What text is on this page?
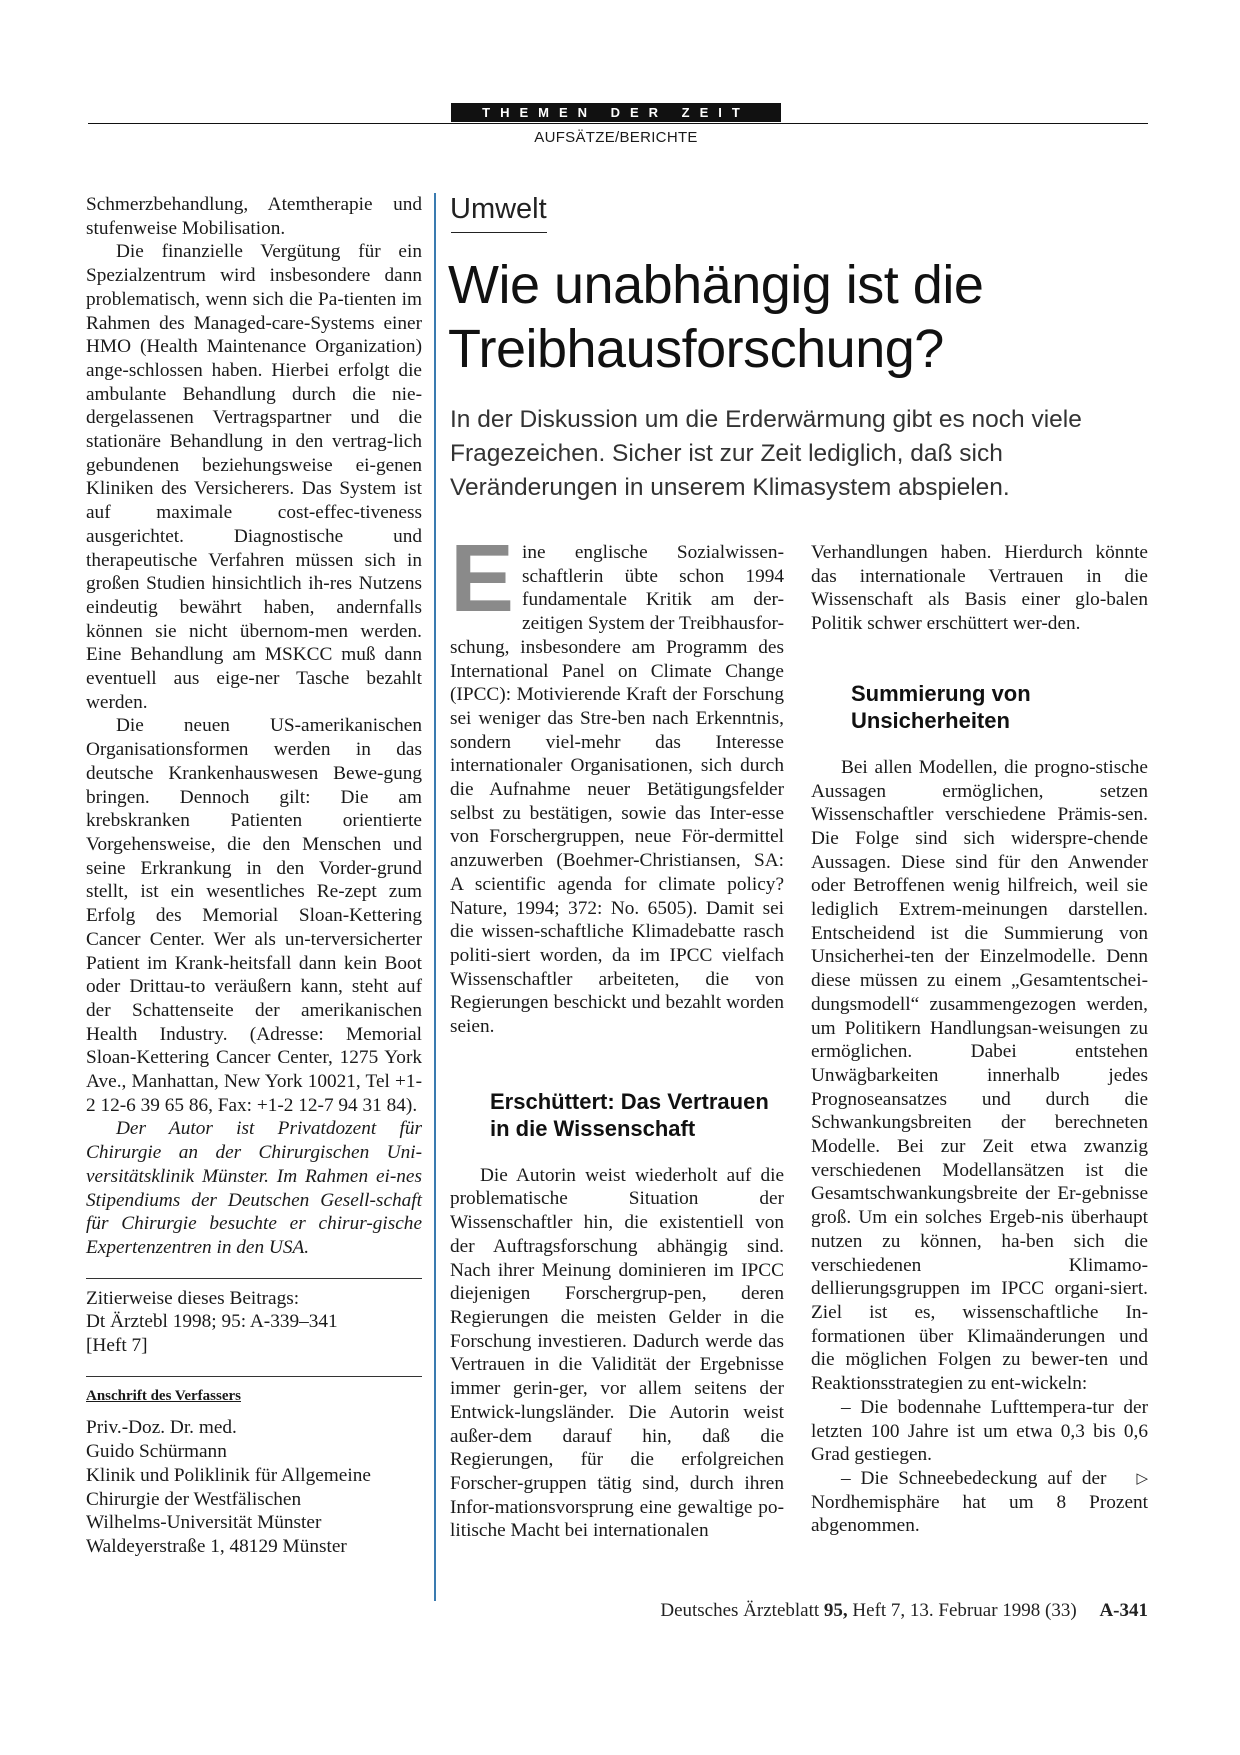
THEMEN DER ZEIT
AUFSÄTZE/BERICHTE

Schmerzbehandlung, Atemtherapie und stufenweise Mobilisation.

Die finanzielle Vergütung für ein Spezialzentrum wird insbesondere dann problematisch, wenn sich die Pa-tienten im Rahmen des Managed-care-Systems einer HMO (Health Maintenance Organization) ange-schlossen haben. Hierbei erfolgt die ambulante Behandlung durch die nie-dergelassenen Vertragspartner und die stationäre Behandlung in den vertrag-lich gebundenen beziehungsweise ei-genen Kliniken des Versicherers. Das System ist auf maximale cost-effec-tiveness ausgerichtet. Diagnostische und therapeutische Verfahren müssen sich in großen Studien hinsichtlich ih-res Nutzens eindeutig bewährt haben, andernfalls können sie nicht übernom-men werden. Eine Behandlung am MSKCC muß dann eventuell aus eige-ner Tasche bezahlt werden.

Die neuen US-amerikanischen Organisationsformen werden in das deutsche Krankenhauswesen Bewe-gung bringen. Dennoch gilt: Die am krebskranken Patienten orientierte Vorgehensweise, die den Menschen und seine Erkrankung in den Vorder-grund stellt, ist ein wesentliches Re-zept zum Erfolg des Memorial Sloan-Kettering Cancer Center. Wer als un-terversicherter Patient im Krank-heitsfall dann kein Boot oder Drittau-to veräußern kann, steht auf der Schattenseite der amerikanischen Health Industry. (Adresse: Memorial Sloan-Kettering Cancer Center, 1275 York Ave., Manhattan, New York 10021, Tel +1-2 12-6 39 65 86, Fax: +1-2 12-7 94 31 84).

Der Autor ist Privatdozent für Chirurgie an der Chirurgischen Uni-versitätsklinik Münster. Im Rahmen ei-nes Stipendiums der Deutschen Gesell-schaft für Chirurgie besuchte er chirur-gische Expertenzentren in den USA.

Zitierweise dieses Beitrags:
Dt Ärztebl 1998; 95: A-339–341
[Heft 7]
Anschrift des Verfassers
Priv.-Doz. Dr. med.
Guido Schürmann
Klinik und Poliklinik für Allgemeine
Chirurgie der Westfälischen
Wilhelms-Universität Münster
Waldeyerstraße 1, 48129 Münster
Umwelt
Wie unabhängig ist die Treibhausforschung?
In der Diskussion um die Erderwärmung gibt es noch viele Fragezeichen. Sicher ist zur Zeit lediglich, daß sich Veränderungen in unserem Klimasystem abspielen.

Eine englische Sozialwissen-schaftlerin übte schon 1994 fundamentale Kritik am der-zeitigen System der Treibhausfor-schung, insbesondere am Programm des International Panel on Climate Change (IPCC): Motivierende Kraft der Forschung sei weniger das Stre-ben nach Erkenntnis, sondern viel-mehr das Interesse internationaler Organisationen, sich durch die Aufnahme neuer Betätigungsfelder selbst zu bestätigen, sowie das Inter-esse von Forschergruppen, neue För-dermittel anzuwerben (Boehmer-Christiansen, SA: A scientific agenda for climate policy? Nature, 1994; 372: No. 6505). Damit sei die wissen-schaftliche Klimadebatte rasch politi-siert worden, da im IPCC vielfach Wissenschaftler arbeiteten, die von Regierungen beschickt und bezahlt worden seien.

Erschüttert: Das Vertrauen in die Wissenschaft

Die Autorin weist wiederholt auf die problematische Situation der Wissenschaftler hin, die existentiell von der Auftragsforschung abhängig sind. Nach ihrer Meinung dominieren im IPCC diejenigen Forschergrup-pen, deren Regierungen die meisten Gelder in die Forschung investieren. Dadurch werde das Vertrauen in die Validität der Ergebnisse immer gerin-ger, vor allem seitens der Entwick-lungsländer. Die Autorin weist außer-dem darauf hin, daß die Regierungen, für die erfolgreichen Forscher-gruppen tätig sind, durch ihren Infor-mationsvorsprung eine gewaltige po-litische Macht bei internationalen

Verhandlungen haben. Hierdurch könnte das internationale Vertrauen in die Wissenschaft als Basis einer glo-balen Politik schwer erschüttert wer-den.

Summierung von Unsicherheiten

Bei allen Modellen, die progno-stische Aussagen ermöglichen, setzen Wissenschaftler verschiedene Prämis-sen. Die Folge sind sich widerspre-chende Aussagen. Diese sind für den Anwender oder Betroffenen wenig hilfreich, weil sie lediglich Extrem-meinungen darstellen. Entscheidend ist die Summierung von Unsicherhei-ten der Einzelmodelle. Denn diese müssen zu einem „Gesamtentschei-dungsmodell“ zusammengezogen werden, um Politikern Handlungsan-weisungen zu ermöglichen. Dabei entstehen Unwägbarkeiten innerhalb jedes Prognoseansatzes und durch die Schwankungsbreiten der berechneten Modelle. Bei zur Zeit etwa zwanzig verschiedenen Modellansätzen ist die Gesamtschwankungsbreite der Er-gebnisse groß. Um ein solches Ergeb-nis überhaupt nutzen zu können, ha-ben sich die verschiedenen Klimamo-dellierungsgruppen im IPCC organi-siert. Ziel ist es, wissenschaftliche In-formationen über Klimaänderungen und die möglichen Folgen zu bewer-ten und Reaktionsstrategien zu ent-wickeln:

– Die bodennahe Lufttempera-tur der letzten 100 Jahre ist um etwa 0,3 bis 0,6 Grad gestiegen.

▷
– Die Schneebedeckung auf der Nordhemisphäre hat um 8 Prozent abgenommen.

Deutsches Ärzteblatt 95, Heft 7, 13. Februar 1998 (33) A-341
